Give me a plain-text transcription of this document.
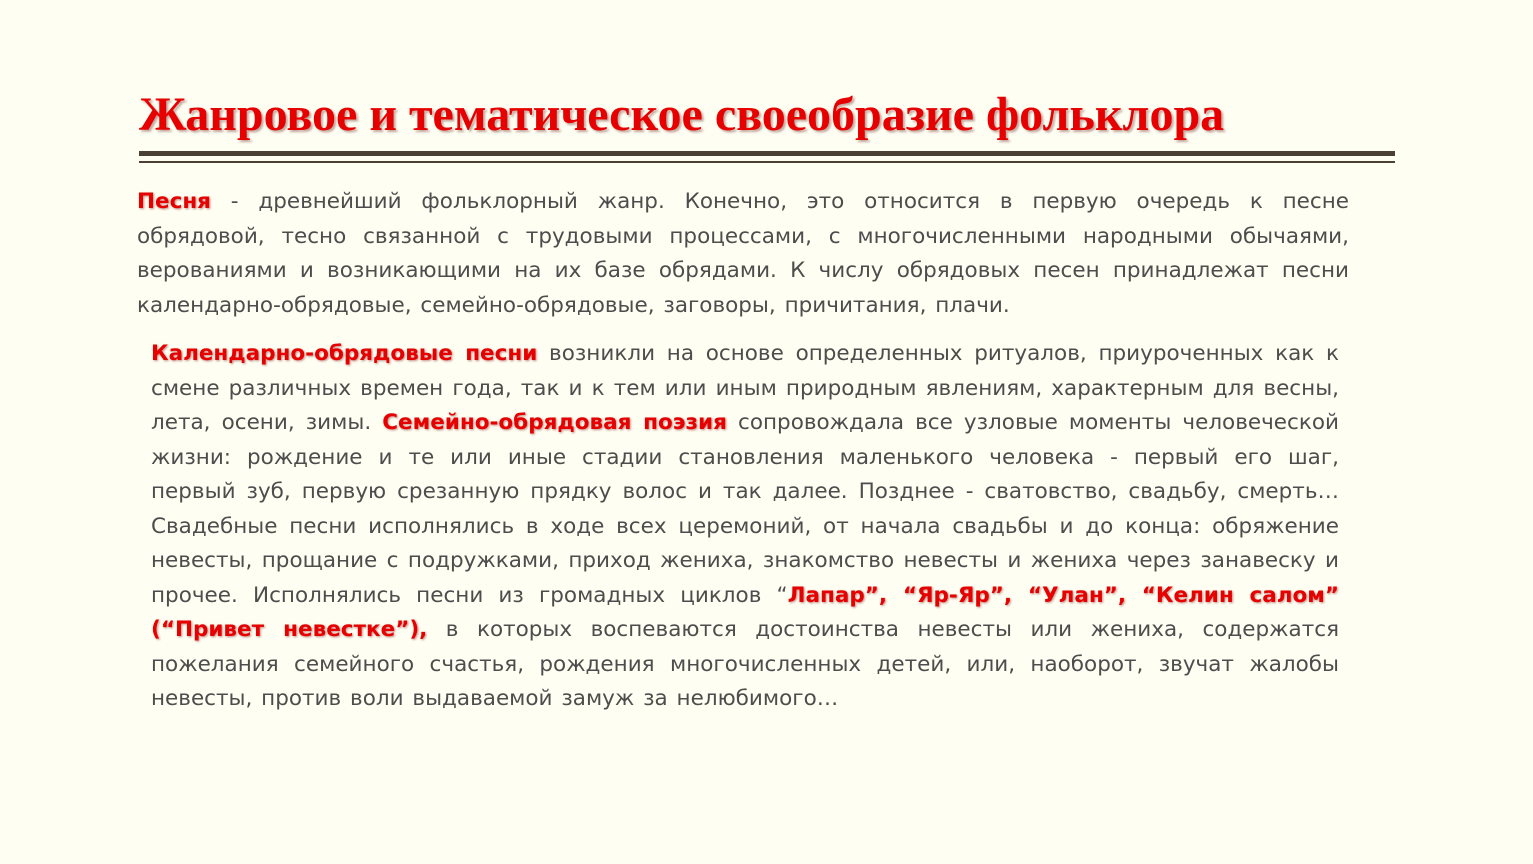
Жанровое и тематическое своеобразие фольклора

Песня - древнейший фольклорный жанр. Конечно, это относится в первую очередь к песне обрядовой, тесно связанной с трудовыми процессами, с многочисленными народными обычаями, верованиями и возникающими на их базе обрядами. К числу обрядовых песен принадлежат песни календарно-обрядовые, семейно-обрядовые, заговоры, причитания, плачи.

Календарно-обрядовые песни возникли на основе определенных ритуалов, приуроченных как к смене различных времен года, так и к тем или иным природным явлениям, характерным для весны, лета, осени, зимы. Семейно-обрядовая поэзия сопровождала все узловые моменты человеческой жизни: рождение и те или иные стадии становления маленького человека - первый его шаг, первый зуб, первую срезанную прядку волос и так далее. Позднее - сватовство, свадьбу, смерть… Свадебные песни исполнялись в ходе всех церемоний, от начала свадьбы и до конца: обряжение невесты, прощание с подружками, приход жениха, знакомство невесты и жениха через занавеску и прочее. Исполнялись песни из громадных циклов “Лапар”, “Яр-Яр”, “Улан”, “Келин салом” (“Привет невестке”), в которых воспеваются достоинства невесты или жениха, содержатся пожелания семейного счастья, рождения многочисленных детей, или, наоборот, звучат жалобы невесты, против воли выдаваемой замуж за нелюбимого…
